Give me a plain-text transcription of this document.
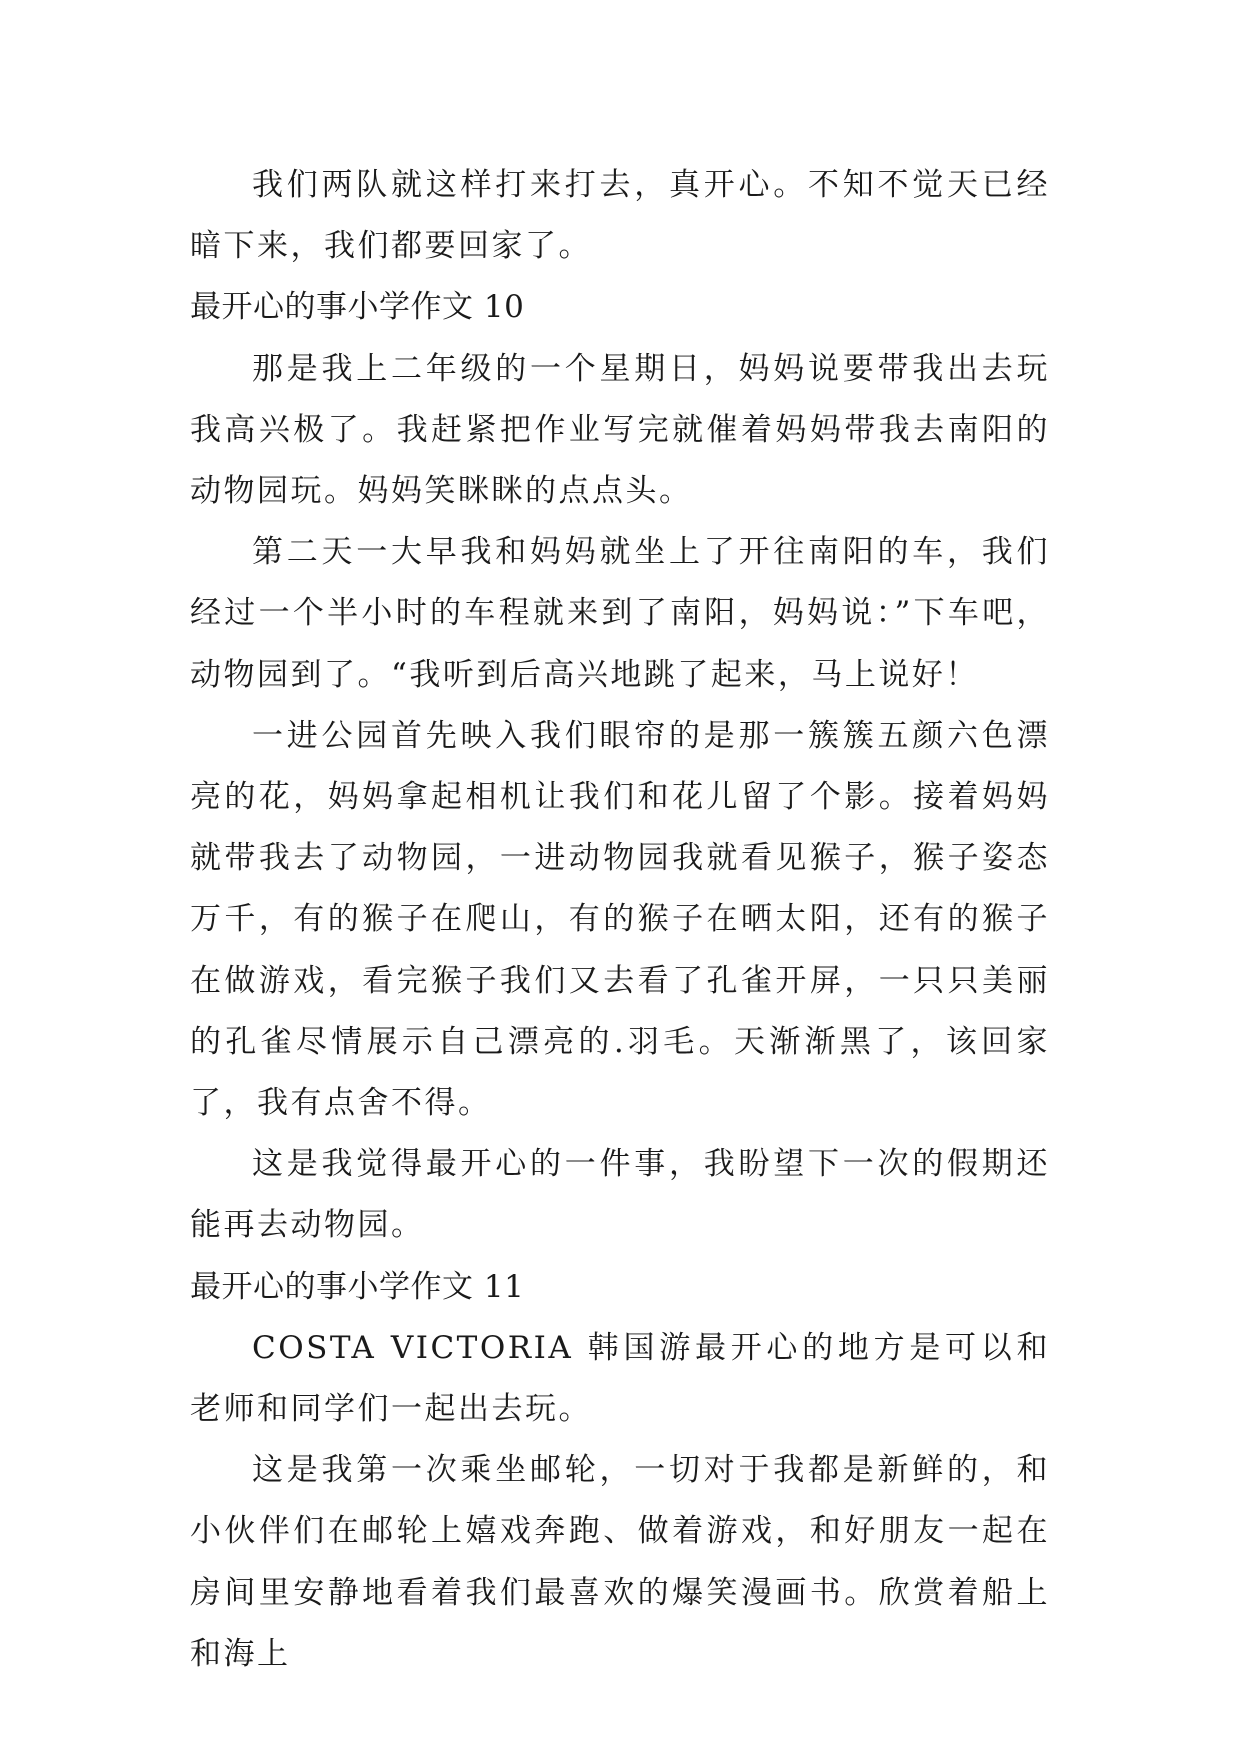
我们两队就这样打来打去，真开心。不知不觉天已经暗下来，我们都要回家了。

最开心的事小学作文 10

那是我上二年级的一个星期日，妈妈说要带我出去玩我高兴极了。我赶紧把作业写完就催着妈妈带我去南阳的动物园玩。妈妈笑眯眯的点点头。

第二天一大早我和妈妈就坐上了开往南阳的车，我们经过一个半小时的车程就来到了南阳，妈妈说：”下车吧，动物园到了。“我听到后高兴地跳了起来，马上说好！

一进公园首先映入我们眼帘的是那一簇簇五颜六色漂亮的花，妈妈拿起相机让我们和花儿留了个影。接着妈妈就带我去了动物园，一进动物园我就看见猴子，猴子姿态万千，有的猴子在爬山，有的猴子在晒太阳，还有的猴子在做游戏，看完猴子我们又去看了孔雀开屏，一只只美丽的孔雀尽情展示自己漂亮的.羽毛。天渐渐黑了，该回家了，我有点舍不得。

这是我觉得最开心的一件事，我盼望下一次的假期还能再去动物园。

最开心的事小学作文 11

COSTA VICTORIA 韩国游最开心的地方是可以和老师和同学们一起出去玩。

这是我第一次乘坐邮轮，一切对于我都是新鲜的，和小伙伴们在邮轮上嬉戏奔跑、做着游戏，和好朋友一起在房间里安静地看着我们最喜欢的爆笑漫画书。欣赏着船上和海上
